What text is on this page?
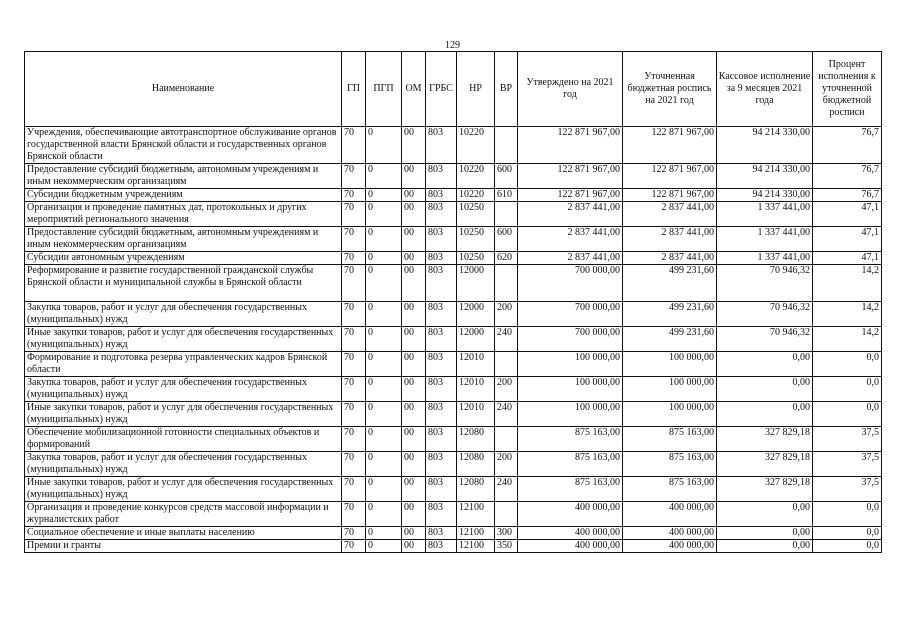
129
Наименование	ГП	ПГП	ОМ	ГРБС	НР	ВР	Утверждено на 2021 год	Уточненная бюджетная роспись на 2021 год	Кассовое исполнение за 9 месяцев 2021 года	Процент исполнения к уточненной бюджетной росписи
Учреждения, обеспечивающие автотранспортное обслуживание органов государственной власти Брянской области и государственных органов Брянской области	70	0	00	803	10220		122 871 967,00	122 871 967,00	94 214 330,00	76,7
Предоставление субсидий бюджетным, автономным учреждениям и иным некоммерческим организациям	70	0	00	803	10220	600	122 871 967,00	122 871 967,00	94 214 330,00	76,7
Субсидии бюджетным учреждениям	70	0	00	803	10220	610	122 871 967,00	122 871 967,00	94 214 330,00	76,7
Организация и проведение памятных дат, протокольных и других мероприятий регионального значения	70	0	00	803	10250		2 837 441,00	2 837 441,00	1 337 441,00	47,1
Предоставление субсидий бюджетным, автономным учреждениям и иным некоммерческим организациям	70	0	00	803	10250	600	2 837 441,00	2 837 441,00	1 337 441,00	47,1
Субсидии автономным учреждениям	70	0	00	803	10250	620	2 837 441,00	2 837 441,00	1 337 441,00	47,1
Реформирование и развитие государственной гражданской службы Брянской области и муниципальной службы в Брянской области	70	0	00	803	12000		700 000,00	499 231,60	70 946,32	14,2
Закупка товаров, работ и услуг для обеспечения государственных (муниципальных) нужд	70	0	00	803	12000	200	700 000,00	499 231,60	70 946,32	14,2
Иные закупки товаров, работ и услуг для обеспечения государственных (муниципальных) нужд	70	0	00	803	12000	240	700 000,00	499 231,60	70 946,32	14,2
Формирование и подготовка резерва управленческих кадров Брянской области	70	0	00	803	12010		100 000,00	100 000,00	0,00	0,0
Закупка товаров, работ и услуг для обеспечения государственных (муниципальных) нужд	70	0	00	803	12010	200	100 000,00	100 000,00	0,00	0,0
Иные закупки товаров, работ и услуг для обеспечения государственных (муниципальных) нужд	70	0	00	803	12010	240	100 000,00	100 000,00	0,00	0,0
Обеспечение мобилизационной готовности специальных объектов и формирований	70	0	00	803	12080		875 163,00	875 163,00	327 829,18	37,5
Закупка товаров, работ и услуг для обеспечения государственных (муниципальных) нужд	70	0	00	803	12080	200	875 163,00	875 163,00	327 829,18	37,5
Иные закупки товаров, работ и услуг для обеспечения государственных (муниципальных) нужд	70	0	00	803	12080	240	875 163,00	875 163,00	327 829,18	37,5
Организация и проведение конкурсов средств массовой информации и журналистских работ	70	0	00	803	12100		400 000,00	400 000,00	0,00	0,0
Социальное обеспечение и иные выплаты населению	70	0	00	803	12100	300	400 000,00	400 000,00	0,00	0,0
Премии и гранты	70	0	00	803	12100	350	400 000,00	400 000,00	0,00	0,0
